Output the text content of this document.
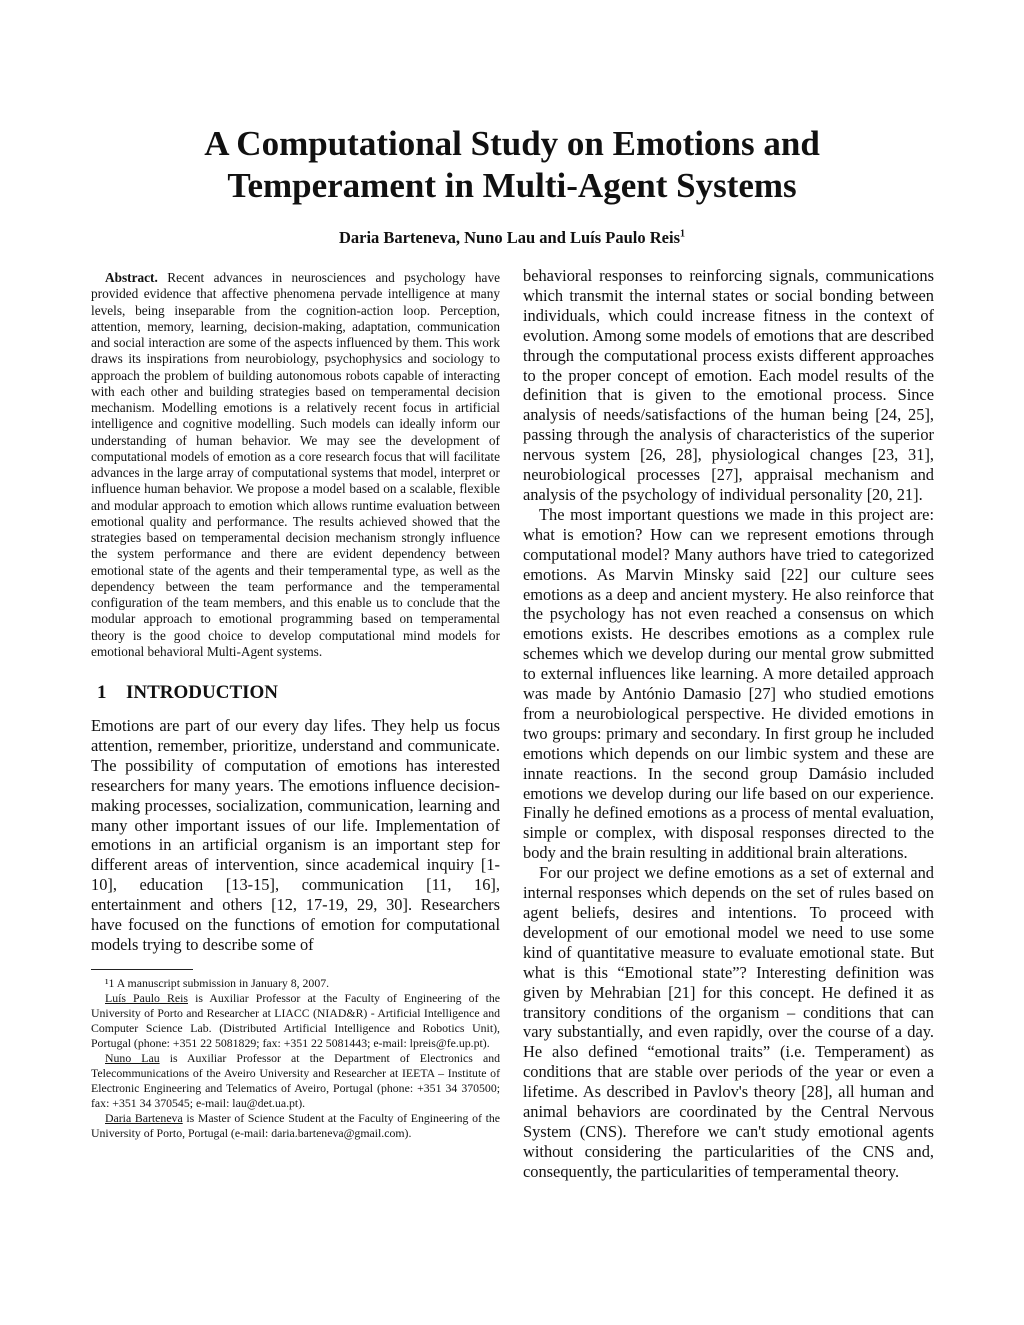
A Computational Study on Emotions and
Temperament in Multi-Agent Systems
Daria Barteneva, Nuno Lau and Luís Paulo Reis$^1$

Abstract. Recent advances in neurosciences and psychology have provided evidence that affective phenomena pervade intelligence at many levels, being inseparable from the cognition-action loop. Perception, attention, memory, learning, decision-making, adaptation, communication and social interaction are some of the aspects influenced by them. This work draws its inspirations from neurobiology, psychophysics and sociology to approach the problem of building autonomous robots capable of interacting with each other and building strategies based on temperamental decision mechanism. Modelling emotions is a relatively recent focus in artificial intelligence and cognitive modelling. Such models can ideally inform our understanding of human behavior. We may see the development of computational models of emotion as a core research focus that will facilitate advances in the large array of computational systems that model, interpret or influence human behavior. We propose a model based on a scalable, flexible and modular approach to emotion which allows runtime evaluation between emotional quality and performance. The results achieved showed that the strategies based on temperamental decision mechanism strongly influence the system performance and there are evident dependency between emotional state of the agents and their temperamental type, as well as the dependency between the team performance and the temperamental configuration of the team members, and this enable us to conclude that the modular approach to emotional programming based on temperamental theory is the good choice to develop computational mind models for emotional behavioral Multi-Agent systems.

1 INTRODUCTION

Emotions are part of our every day lifes. They help us focus attention, remember, prioritize, understand and communicate. The possibility of computation of emotions has interested researchers for many years. The emotions influence decision-making processes, socialization, communication, learning and many other important issues of our life. Implementation of emotions in an artificial organism is an important step for different areas of intervention, since academical inquiry [1-10], education [13-15], communication [11, 16], entertainment and others [12, 17-19, 29, 30]. Researchers have focused on the functions of emotion for computational models trying to describe some of

¹1 A manuscript submission in January 8, 2007.

Luís Paulo Reis is Auxiliar Professor at the Faculty of Engineering of the University of Porto and Researcher at LIACC (NIAD&R) - Artificial Intelligence and Computer Science Lab. (Distributed Artificial Intelligence and Robotics Unit), Portugal (phone: +351 22 5081829; fax: +351 22 5081443; e-mail: lpreis@fe.up.pt).

Nuno Lau is Auxiliar Professor at the Department of Electronics and Telecommunications of the Aveiro University and Researcher at IEETA – Institute of Electronic Engineering and Telematics of Aveiro, Portugal (phone: +351 34 370500; fax: +351 34 370545; e-mail: lau@det.ua.pt).

Daria Barteneva is Master of Science Student at the Faculty of Engineering of the University of Porto, Portugal (e-mail: daria.barteneva@gmail.com).

behavioral responses to reinforcing signals, communications which transmit the internal states or social bonding between individuals, which could increase fitness in the context of evolution. Among some models of emotions that are described through the computational process exists different approaches to the proper concept of emotion. Each model results of the definition that is given to the emotional process. Since analysis of needs/satisfactions of the human being [24, 25], passing through the analysis of characteristics of the superior nervous system [26, 28], physiological changes [23, 31], neurobiological processes [27], appraisal mechanism and analysis of the psychology of individual personality [20, 21].

The most important questions we made in this project are: what is emotion? How can we represent emotions through computational model? Many authors have tried to categorized emotions. As Marvin Minsky said [22] our culture sees emotions as a deep and ancient mystery. He also reinforce that the psychology has not even reached a consensus on which emotions exists. He describes emotions as a complex rule schemes which we develop during our mental grow submitted to external influences like learning. A more detailed approach was made by António Damasio [27] who studied emotions from a neurobiological perspective. He divided emotions in two groups: primary and secondary. In first group he included emotions which depends on our limbic system and these are innate reactions. In the second group Damásio included emotions we develop during our life based on our experience. Finally he defined emotions as a process of mental evaluation, simple or complex, with disposal responses directed to the body and the brain resulting in additional brain alterations.

For our project we define emotions as a set of external and internal responses which depends on the set of rules based on agent beliefs, desires and intentions. To proceed with development of our emotional model we need to use some kind of quantitative measure to evaluate emotional state. But what is this “Emotional state”? Interesting definition was given by Mehrabian [21] for this concept. He defined it as transitory conditions of the organism – conditions that can vary substantially, and even rapidly, over the course of a day. He also defined “emotional traits” (i.e. Temperament) as conditions that are stable over periods of the year or even a lifetime. As described in Pavlov's theory [28], all human and animal behaviors are coordinated by the Central Nervous System (CNS). Therefore we can't study emotional agents without considering the particularities of the CNS and, consequently, the particularities of temperamental theory.
